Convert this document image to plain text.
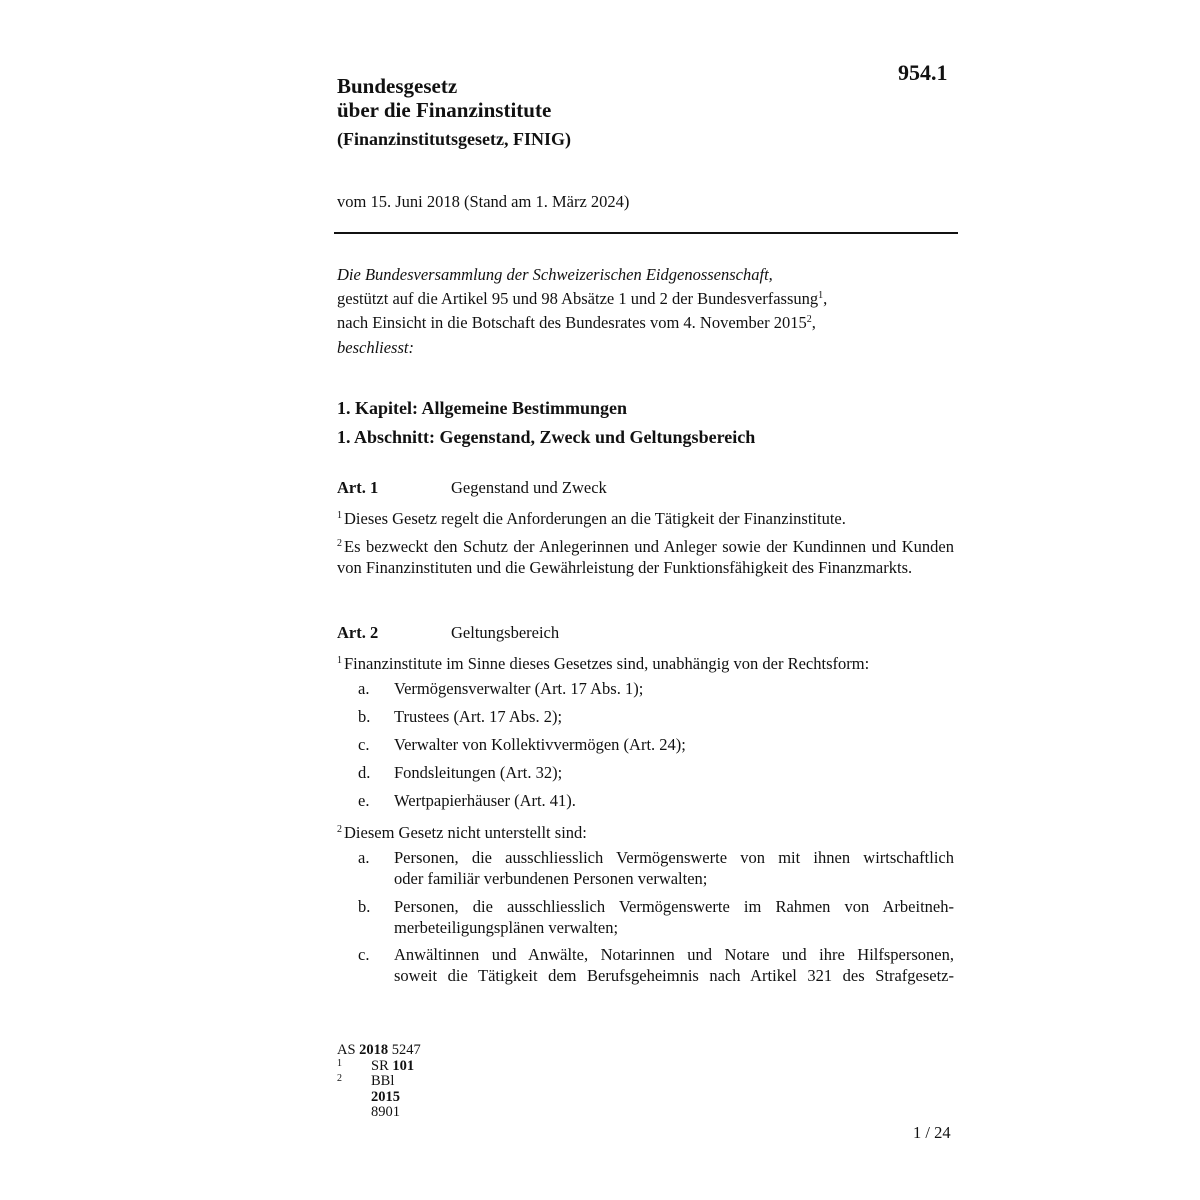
954.1
Bundesgesetz
über die Finanzinstitute
(Finanzinstitutsgesetz, FINIG)
vom 15. Juni 2018 (Stand am 1. März 2024)
Die Bundesversammlung der Schweizerischen Eidgenossenschaft,
gestützt auf die Artikel 95 und 98 Absätze 1 und 2 der Bundesverfassung$^1$,
nach Einsicht in die Botschaft des Bundesrates vom 4. November 2015$^2$,
beschliesst:
1. Kapitel: Allgemeine Bestimmungen
1. Abschnitt: Gegenstand, Zweck und Geltungsbereich
Art. 1	Gegenstand und Zweck
$^1$ Dieses Gesetz regelt die Anforderungen an die Tätigkeit der Finanzinstitute.
$^2$ Es bezweckt den Schutz der Anlegerinnen und Anleger sowie der Kundinnen und Kunden von Finanzinstituten und die Gewährleistung der Funktionsfähigkeit des Finanzmarkts.
Art. 2	Geltungsbereich
$^1$ Finanzinstitute im Sinne dieses Gesetzes sind, unabhängig von der Rechtsform:
a. Vermögensverwalter (Art. 17 Abs. 1);
b. Trustees (Art. 17 Abs. 2);
c. Verwalter von Kollektivvermögen (Art. 24);
d. Fondsleitungen (Art. 32);
e. Wertpapierhäuser (Art. 41).
$^2$ Diesem Gesetz nicht unterstellt sind:
a. Personen, die ausschliesslich Vermögenswerte von mit ihnen wirtschaftlich
oder familiär verbundenen Personen verwalten;
b. Personen, die ausschliesslich Vermögenswerte im Rahmen von Arbeitneh-
merbeteiligungsplänen verwalten;
c. Anwältinnen und Anwälte, Notarinnen und Notare und ihre Hilfspersonen,
soweit die Tätigkeit dem Berufsgeheimnis nach Artikel 321 des Strafgesetz-
AS 2018 5247
1 SR 101
2 BBl 2015 8901
1 / 24
